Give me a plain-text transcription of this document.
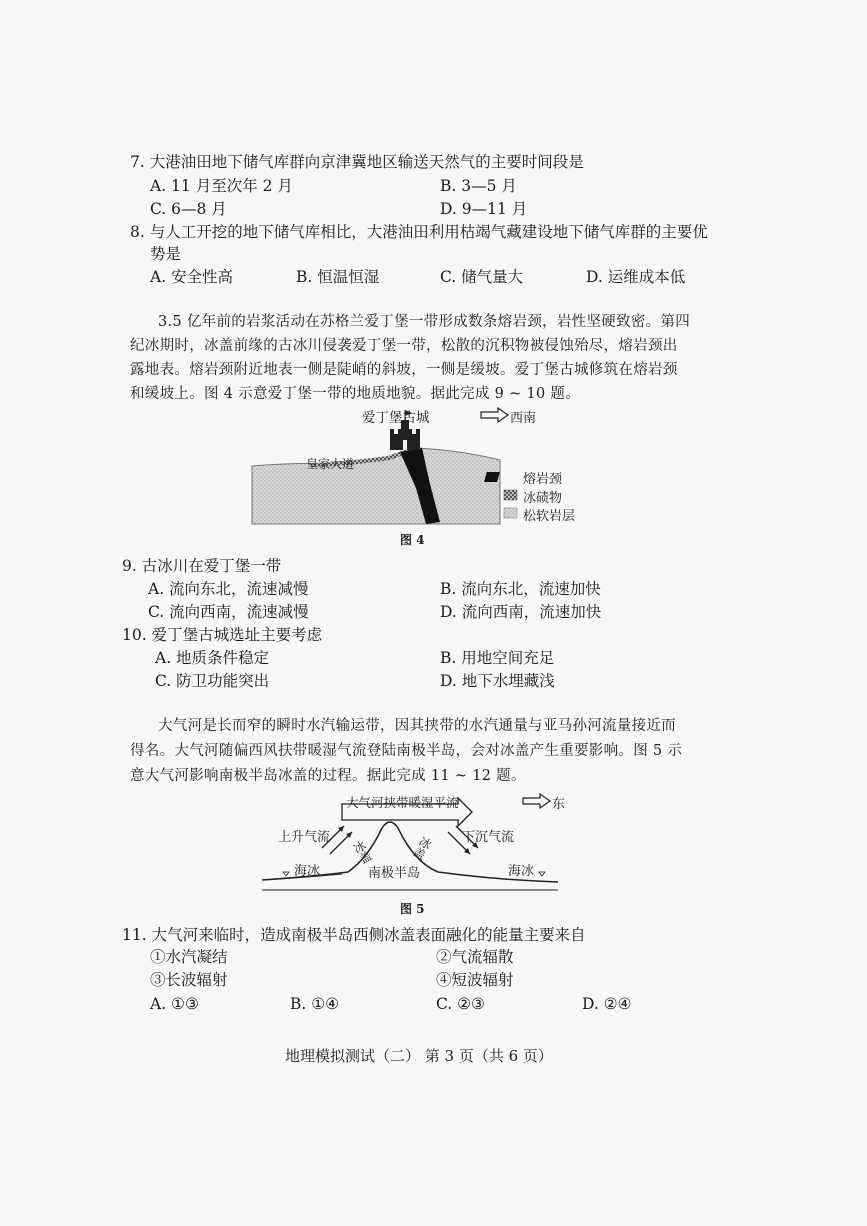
7. 大港油田地下储气库群向京津冀地区输送天然气的主要时间段是
A. 11 月至次年 2 月	B. 3—5 月
C. 6—8 月	D. 9—11 月
8. 与人工开挖的地下储气库相比，大港油田利用枯竭气藏建设地下储气库群的主要优
势是
A. 安全性高	B. 恒温恒湿	C. 储气量大	D. 运维成本低
3.5 亿年前的岩浆活动在苏格兰爱丁堡一带形成数条熔岩颈，岩性坚硬致密。第四
纪冰期时，冰盖前缘的古冰川侵袭爱丁堡一带，松散的沉积物被侵蚀殆尽，熔岩颈出
露地表。熔岩颈附近地表一侧是陡峭的斜坡，一侧是缓坡。爱丁堡古城修筑在熔岩颈
和缓坡上。图 4 示意爱丁堡一带的地质地貌。据此完成 9 ~ 10 题。
爱丁堡古城	西南
皇家大道
熔岩颈
冰碛物
松软岩层
图 4
9. 古冰川在爱丁堡一带
A. 流向东北，流速减慢	B. 流向东北，流速加快
C. 流向西南，流速减慢	D. 流向西南，流速加快
10. 爱丁堡古城选址主要考虑
A. 地质条件稳定	B. 用地空间充足
C. 防卫功能突出	D. 地下水埋藏浅
大气河是长而窄的瞬时水汽输运带，因其挟带的水汽通量与亚马孙河流量接近而
得名。大气河随偏西风扶带暖湿气流登陆南极半岛，会对冰盖产生重要影响。图 5 示
意大气河影响南极半岛冰盖的过程。据此完成 11 ~ 12 题。
大气河挟带暖湿平流	东
上升气流	下沉气流
冰盖	冰盖
海冰	海冰
南极半岛
图 5
11. 大气河来临时，造成南极半岛西侧冰盖表面融化的能量主要来自
①水汽凝结	②气流辐散
③长波辐射	④短波辐射
A. ①③	B. ①④	C. ②③	D. ②④
地理模拟测试（二） 第 3 页（共 6 页）
